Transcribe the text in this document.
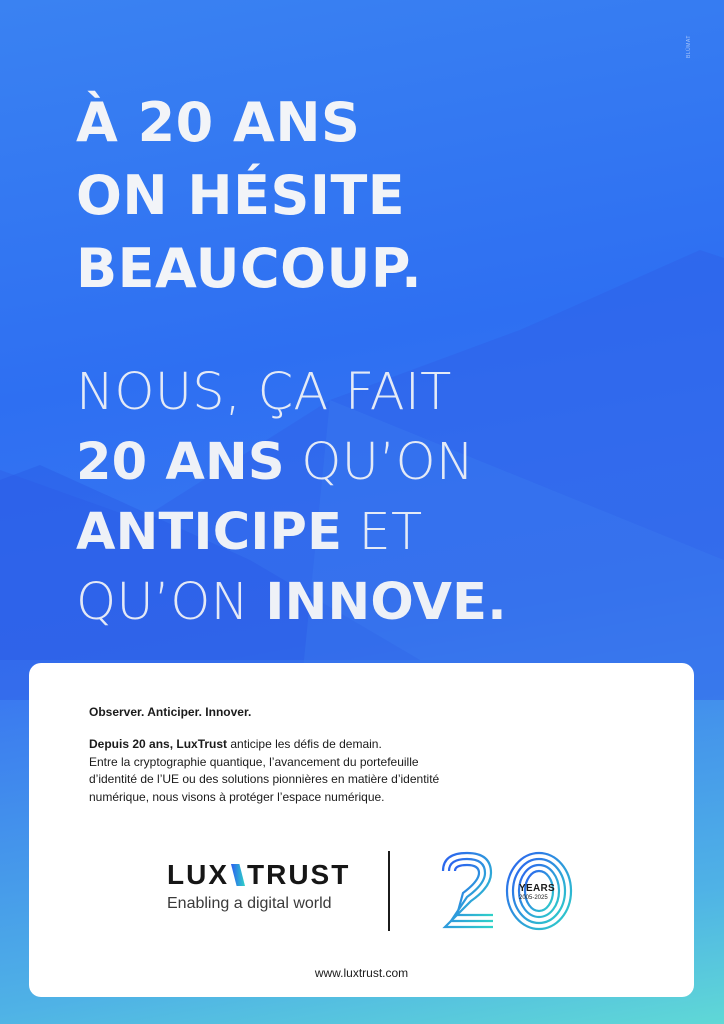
BLÜMAT
À 20 ANS
ON HÉSITE
BEAUCOUP.
NOUS, ÇA FAIT
20 ANS QU’ON
ANTICIPE ET
QU’ON INNOVE.
Observer. Anticiper. Innover.
Depuis 20 ans, LuxTrust anticipe les défis de demain.
Entre la cryptographie quantique, l’avancement du portefeuille d’identité de l’UE ou des solutions pionnières en matière d’identité numérique, nous visons à protéger l’espace numérique.
LUX TRUST
Enabling a digital world
YEARS
2005-2025
www.luxtrust.com
